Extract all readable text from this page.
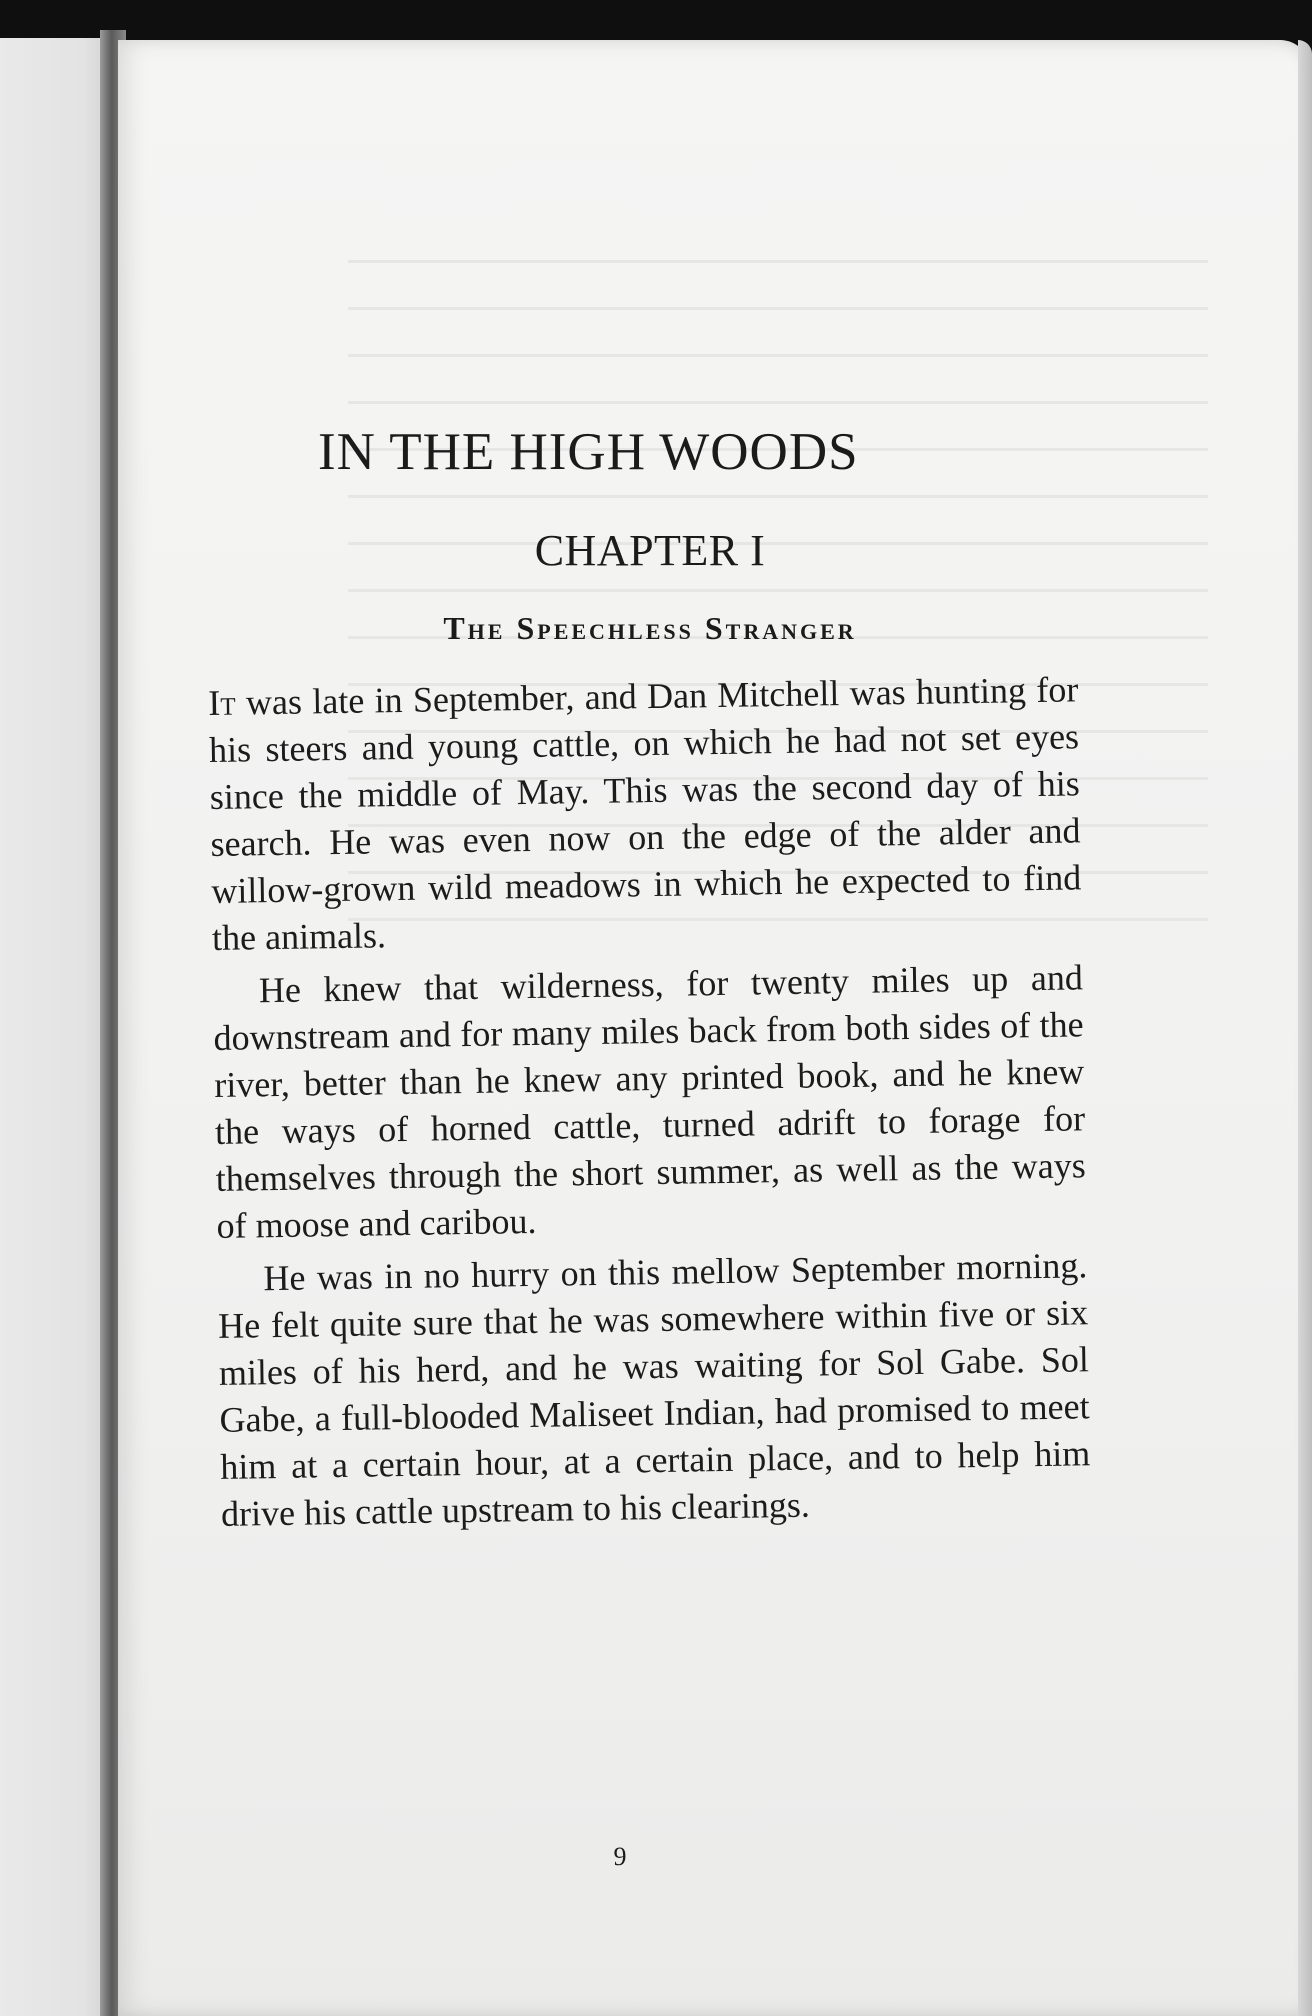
IN THE HIGH WOODS
CHAPTER I
The Speechless Stranger

It was late in September, and Dan Mitchell was hunting for his steers and young cattle, on which he had not set eyes since the middle of May. This was the second day of his search. He was even now on the edge of the alder and willow-grown wild meadows in which he expected to find the animals.

He knew that wilderness, for twenty miles up and downstream and for many miles back from both sides of the river, better than he knew any printed book, and he knew the ways of horned cattle, turned adrift to forage for themselves through the short summer, as well as the ways of moose and caribou.

He was in no hurry on this mellow September morning. He felt quite sure that he was somewhere within five or six miles of his herd, and he was waiting for Sol Gabe. Sol Gabe, a full-blooded Maliseet Indian, had promised to meet him at a certain hour, at a certain place, and to help him drive his cattle upstream to his clearings.

9
